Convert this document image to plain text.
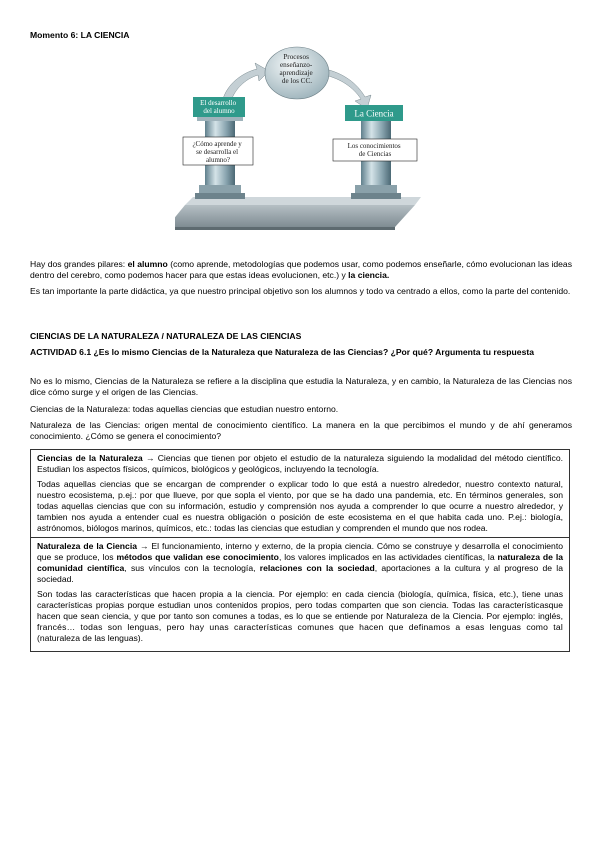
Momento 6: LA CIENCIA
Procesos enseñanzo- aprendizaje de los CC.
El desarrollo del alumno
¿Cómo aprende y se desarrolla el alumno?
La Ciencia
Los conocimientos de Ciencias

Hay dos grandes pilares: el alumno (como aprende, metodologías que podemos usar, como podemos enseñarle, cómo evolucionan las ideas dentro del cerebro, como podemos hacer para que estas ideas evolucionen, etc.) y la ciencia.

Es tan importante la parte didáctica, ya que nuestro principal objetivo son los alumnos y todo va centrado a ellos, como la parte del contenido.

CIENCIAS DE LA NATURALEZA / NATURALEZA DE LAS CIENCIAS

ACTIVIDAD 6.1 ¿Es lo mismo Ciencias de la Naturaleza que Naturaleza de las Ciencias? ¿Por qué? Argumenta tu respuesta

No es lo mismo, Ciencias de la Naturaleza se refiere a la disciplina que estudia la Naturaleza, y en cambio, la Naturaleza de las Ciencias nos dice cómo surge y el origen de las Ciencias.

Ciencias de la Naturaleza: todas aquellas ciencias que estudian nuestro entorno.

Naturaleza de las Ciencias: origen mental de conocimiento científico. La manera en la que percibimos el mundo y de ahí generamos conocimiento. ¿Cómo se genera el conocimiento?

Ciencias de la Naturaleza → Ciencias que tienen por objeto el estudio de la naturaleza siguiendo la modalidad del método científico. Estudian los aspectos físicos, químicos, biológicos y geológicos, incluyendo la tecnología.

Todas aquellas ciencias que se encargan de comprender o explicar todo lo que está a nuestro alrededor, nuestro contexto natural, nuestro ecosistema, p.ej.: por que llueve, por que sopla el viento, por que se ha dado una pandemia, etc. En términos generales, son todas aquellas ciencias que con su información, estudio y comprensión nos ayuda a comprender lo que ocurre a nuestro alrededor, y tambien nos ayuda a entender cual es nuestra obligación o posición de este ecosistema en el que habita cada uno. P.ej.: biología, astrónomos, biólogos marinos, químicos, etc.: todas las ciencias que estudian y comprenden el mundo que nos rodea.

Naturaleza de la Ciencia → El funcionamiento, interno y externo, de la propia ciencia. Cómo se construye y desarrolla el conocimiento que se produce, los métodos que validan ese conocimiento, los valores implicados en las actividades científicas, la naturaleza de la comunidad científica, sus vínculos con la tecnología, relaciones con la sociedad, aportaciones a la cultura y al progreso de la sociedad.

Son todas las características que hacen propia a la ciencia. Por ejemplo: en cada ciencia (biología, química, física, etc.), tiene unas características propias porque estudian unos contenidos propios, pero todas comparten que son ciencia. Todas las característicasque hacen que sean ciencia, y que por tanto son comunes a todas, es lo que se entiende por Naturaleza de la Ciencia. Por ejemplo: inglés, francés… todas son lenguas, pero hay unas características comunes que hacen que definamos a esas lenguas como tal (naturaleza de las lenguas).
